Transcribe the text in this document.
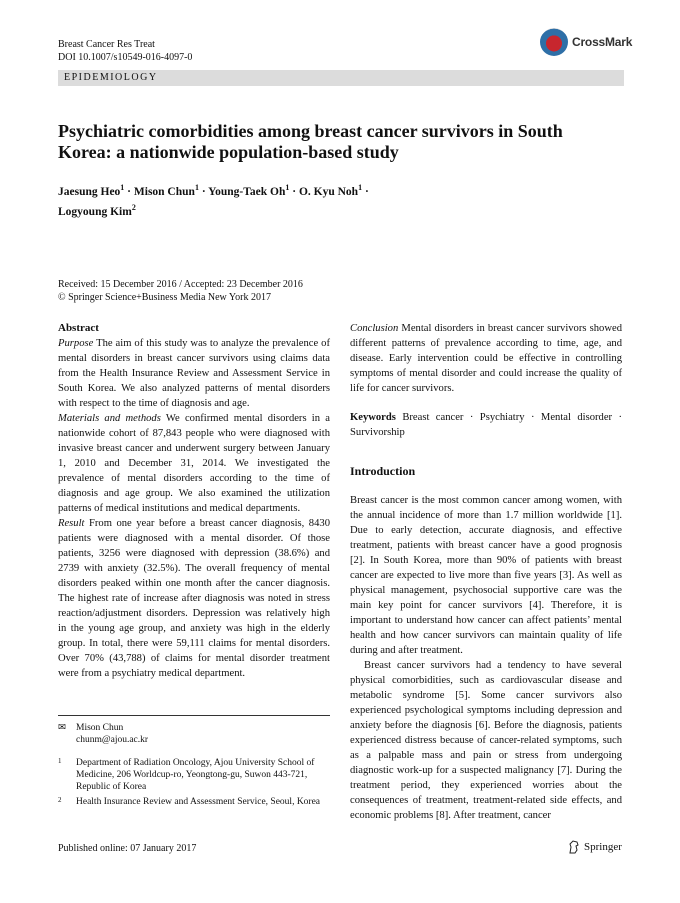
Breast Cancer Res Treat
DOI 10.1007/s10549-016-4097-0
CrossMark
EPIDEMIOLOGY
Psychiatric comorbidities among breast cancer survivors in South Korea: a nationwide population-based study
Jaesung Heo$^1$ · Mison Chun$^1$ · Young-Taek $Oh^1 \cdot O$. Kyu Noh$^1$ ·
Logyoung Kim$^2$
Received: 15 December 2016 / Accepted: 23 December 2016
© Springer Science+Business Media New York 2017

Abstract

Purpose The aim of this study was to analyze the prevalence of mental disorders in breast cancer survivors using claims data from the Health Insurance Review and Assessment Service in South Korea. We also analyzed patterns of mental disorders with respect to the time of diagnosis and age.

Materials and methods We confirmed mental disorders in a nationwide cohort of 87,843 people who were diagnosed with invasive breast cancer and underwent surgery between January 1, 2010 and December 31, 2014. We investigated the prevalence of mental disorders according to the time of diagnosis and age group. We also examined the utilization patterns of medical institutions and medical departments.

Result From one year before a breast cancer diagnosis, 8430 patients were diagnosed with a mental disorder. Of those patients, 3256 were diagnosed with depression (38.6%) and 2739 with anxiety (32.5%). The overall frequency of mental disorders peaked within one month after the cancer diagnosis. The highest rate of increase after diagnosis was noted in stress reaction/adjustment disorders. Depression was relatively high in the young age group, and anxiety was high in the elderly group. In total, there were 59,111 claims for mental disorders. Over 70% (43,788) of claims for mental disorder treatment were from a psychiatry medical department.

✉ Mison Chun
chunm@ajou.ac.kr
1 Department of Radiation Oncology, Ajou University School of Medicine, 206 Worldcup-ro, Yeongtong-gu, Suwon 443-721, Republic of Korea
2 Health Insurance Review and Assessment Service, Seoul, Korea

Conclusion Mental disorders in breast cancer survivors showed different patterns of prevalence according to time, age, and disease. Early intervention could be effective in controlling symptoms of mental disorder and could increase the quality of life for cancer survivors.

Keywords Breast cancer · Psychiatry · Mental disorder · Survivorship

Introduction

Breast cancer is the most common cancer among women, with the annual incidence of more than 1.7 million worldwide [1]. Due to early detection, accurate diagnosis, and effective treatment, patients with breast cancer have a good prognosis [2]. In South Korea, more than 90% of patients with breast cancer are expected to live more than five years [3]. As well as physical management, psychosocial supportive care was the main key point for cancer survivors [4]. Therefore, it is important to understand how cancer can affect patients’ mental health and how cancer survivors can maintain quality of life during and after treatment.

Breast cancer survivors had a tendency to have several physical comorbidities, such as cardiovascular disease and metabolic syndrome [5]. Some cancer survivors also experienced psychological symptoms including depression and anxiety before the diagnosis [6]. Before the diagnosis, patients experienced distress because of cancer-related symptoms, such as a palpable mass and pain or stress from undergoing diagnostic work-up for a suspected malignancy [7]. During the treatment period, they experienced worries about the consequences of treatment, treatment-related side effects, and economic problems [8]. After treatment, cancer

Published online: 07 January 2017	Springer
